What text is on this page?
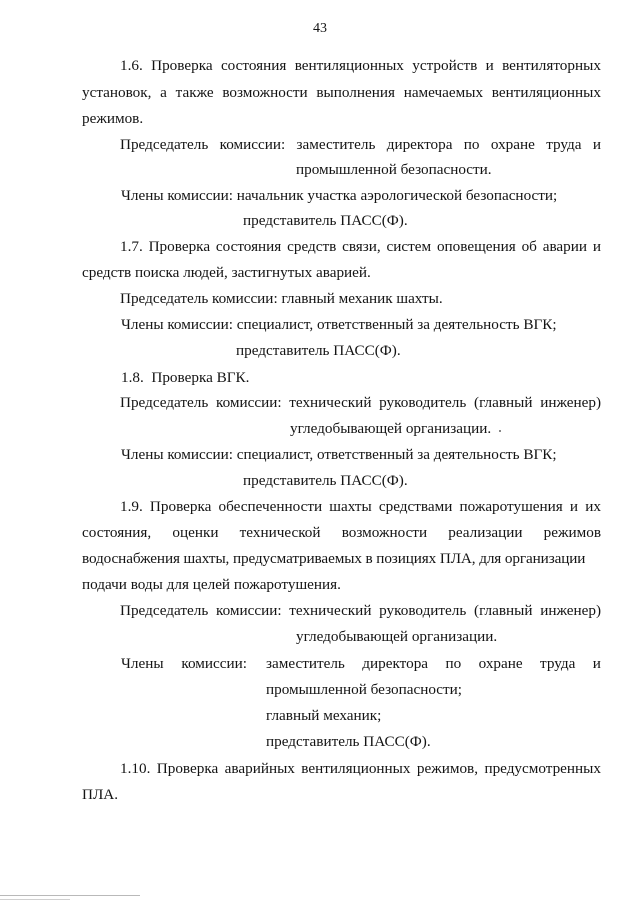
43
1.6. Проверка состояния вентиляционных устройств и вентиляторных
установок, а также возможности выполнения намечаемых вентиляционных
режимов.
Председатель комиссии: заместитель директора по охране труда и
промышленной безопасности.
Члены комиссии: начальник участка аэрологической безопасности;
представитель ПАСС(Ф).
1.7. Проверка состояния средств связи, систем оповещения об аварии и
средств поиска людей, застигнутых аварией.
Председатель комиссии: главный механик шахты.
Члены комиссии: специалист, ответственный за деятельность ВГК;
представитель ПАСС(Ф).
1.8. Проверка ВГК.
Председатель комиссии: технический руководитель (главный инженер)
угледобывающей организации.
Члены комиссии: специалист, ответственный за деятельность ВГК;
представитель ПАСС(Ф).
1.9. Проверка обеспеченности шахты средствами пожаротушения и их
состояния, оценки технической возможности реализации режимов
водоснабжения шахты, предусматриваемых в позициях ПЛА, для организации
подачи воды для целей пожаротушения.
Председатель комиссии: технический руководитель (главный инженер)
угледобывающей организации.
Члены комиссии: заместитель директора по охране труда и
промышленной безопасности;
главный механик;
представитель ПАСС(Ф).
1.10. Проверка аварийных вентиляционных режимов, предусмотренных
ПЛА.
